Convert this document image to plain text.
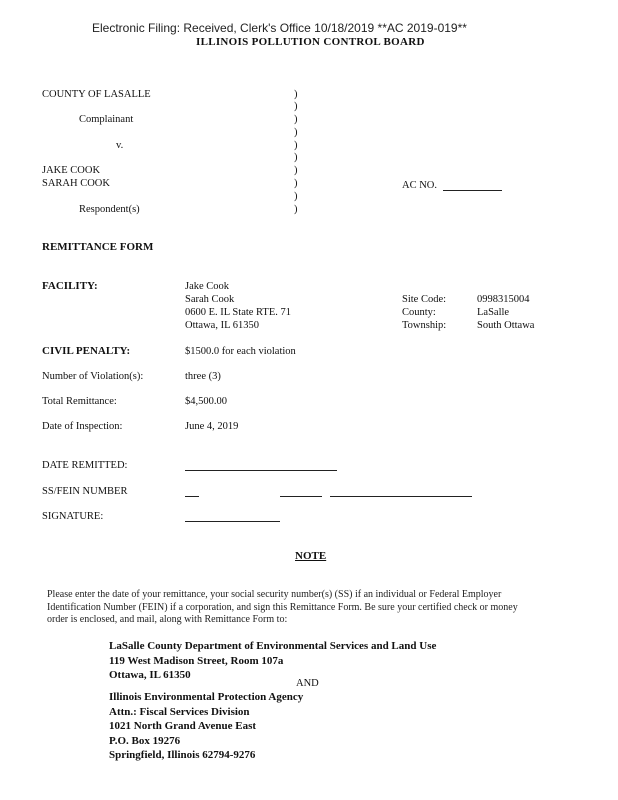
Electronic Filing: Received, Clerk's Office 10/18/2019 **AC 2019-019**
ILLINOIS POLLUTION CONTROL BOARD
COUNTY OF LASALLE
Complainant
v.
JAKE COOK
SARAH COOK
Respondent(s)
)
)
)
)
)
)
)
)
)
)
AC NO.
REMITTANCE FORM
FACILITY:	Jake Cook
Sarah Cook
0600 E. IL State RTE. 71
Ottawa, IL 61350
Site Code:	0998315004
County:	LaSalle
Township:	South Ottawa
CIVIL PENALTY:	$1500.0 for each violation
Number of Violation(s):	three (3)
Total Remittance:	$4,500.00
Date of Inspection:	June 4, 2019
DATE REMITTED:
SS/FEIN NUMBER
SIGNATURE:
NOTE
Please enter the date of your remittance, your social security number(s) (SS) if an individual or Federal Employer
Identification Number (FEIN) if a corporation, and sign this Remittance Form. Be sure your certified check or money
order is enclosed, and mail, along with Remittance Form to:
LaSalle County Department of Environmental Services and Land Use
119 West Madison Street, Room 107a
Ottawa, IL 61350
AND
Illinois Environmental Protection Agency
Attn.: Fiscal Services Division
1021 North Grand Avenue East
P.O. Box 19276
Springfield, Illinois 62794-9276
